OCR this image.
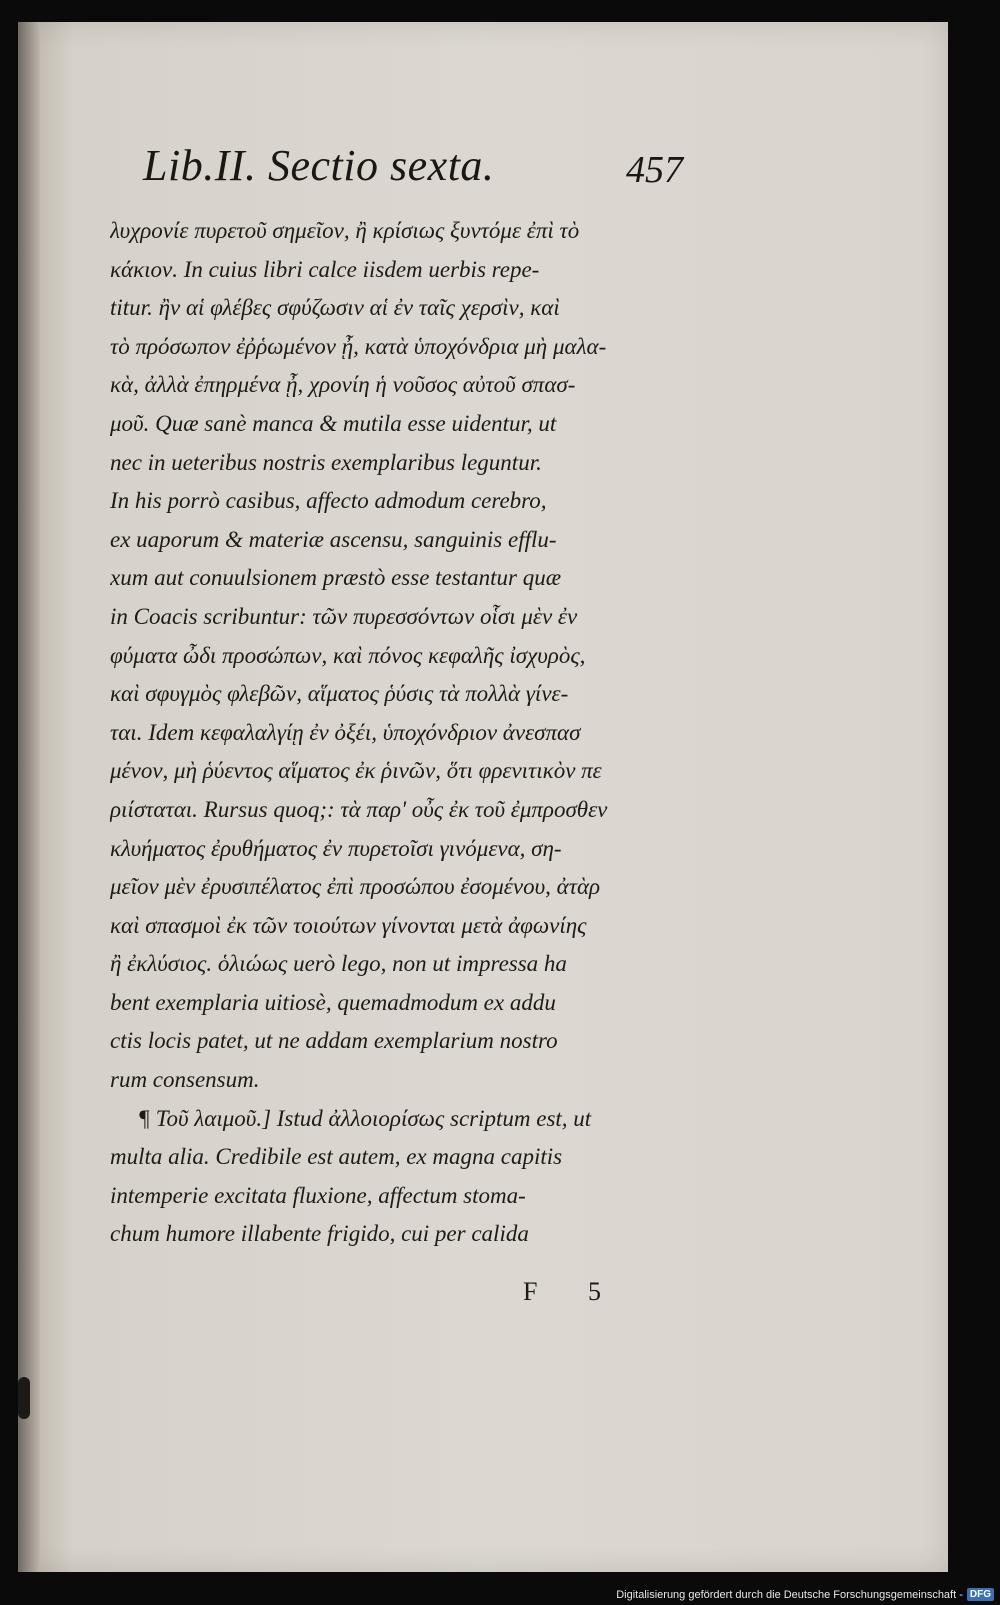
Lib.II. Sectio sexta.	457
λυχρονίε πυρετοῦ σημεῖον, ἢ κρίσιως ξυντόμε ἐπὶ τὸ
κάκιον. In cuius libri calce iisdem uerbis repe-
titur. ἢν αἱ φλέβες σφύζωσιν αἱ ἐν ταῖς χερσὶν, καὶ
τὸ πρόσωπον ἐῤῥωμένον ᾖ, κατὰ ὑποχόνδρια μὴ μαλα-
κὰ, ἀλλὰ ἐπηρμένα ᾖ, χρονίη ἡ νοῦσος αὐτοῦ σπασ-
μοῦ. Quæ sanè manca & mutila esse uidentur, ut
nec in ueteribus nostris exemplaribus leguntur.
In his porrò casibus, affecto admodum cerebro,
ex uaporum & materiæ ascensu, sanguinis efflu-
xum aut conuulsionem præstò esse testantur quæ
in Coacis scribuntur: τῶν πυρεσσόντων οἷσι μὲν ἐν
φύματα ὦδι προσώπων, καὶ πόνος κεφαλῆς ἰσχυρὸς,
καὶ σφυγμὸς φλεβῶν, αἵματος ῥύσις τὰ πολλὰ γίνε-
ται. Idem κεφαλαλγίῃ ἐν ὀξέι, ὑποχόνδριον ἀνεσπασ
μένον, μὴ ῥύεντος αἵματος ἐκ ῥινῶν, ὅτι φρενιτικὸν πε
ριίσταται. Rursus quoq;: τὰ παρ' οὖς ἐκ τοῦ ἐμπροσθεν
κλυήματος ἐρυθήματος ἐν πυρετοῖσι γινόμενα, ση-
μεῖον μὲν ἐρυσιπέλατος ἐπὶ προσώπου ἐσομένου, ἀτὰρ
καὶ σπασμοὶ ἐκ τῶν τοιούτων γίνονται μετὰ ἀφωνίης
ἢ ἐκλύσιος. ὁλιώως uerò lego, non ut impressa ha
bent exemplaria uitiosè, quemadmodum ex addu
ctis locis patet, ut ne addam exemplarium nostro
rum consensum.
¶ Τοῦ λαιμοῦ.] Istud ἀλλοιορίσως scriptum est, ut
multa alia. Credibile est autem, ex magna capitis
intemperie excitata fluxione, affectum stoma-
chum humore illabente frigido, cui per calida
F 5
Digitalisierung gefördert durch die Deutsche Forschungsgemeinschaft - DFG
